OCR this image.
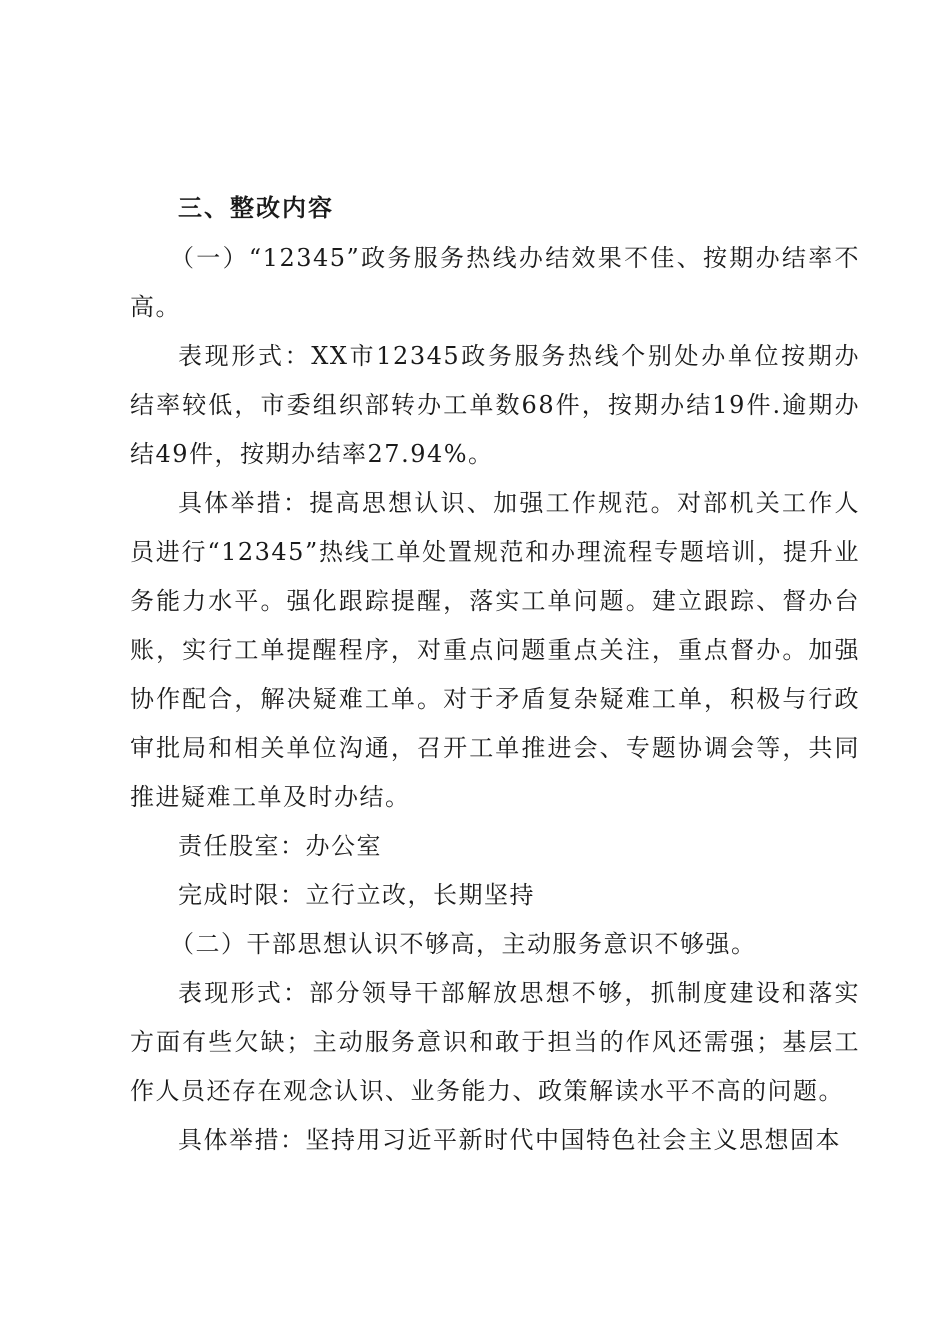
三、整改内容

（一）“12345”政务服务热线办结效果不佳、按期办结率不高。

表现形式：XX市12345政务服务热线个别处办单位按期办结率较低，市委组织部转办工单数68件，按期办结19件.逾期办结49件，按期办结率27.94%。

具体举措：提高思想认识、加强工作规范。对部机关工作人员进行“12345”热线工单处置规范和办理流程专题培训，提升业务能力水平。强化跟踪提醒，落实工单问题。建立跟踪、督办台账，实行工单提醒程序，对重点问题重点关注，重点督办。加强协作配合，解决疑难工单。对于矛盾复杂疑难工单，积极与行政审批局和相关单位沟通，召开工单推进会、专题协调会等，共同推进疑难工单及时办结。

责任股室：办公室

完成时限：立行立改，长期坚持

（二）干部思想认识不够高，主动服务意识不够强。

表现形式：部分领导干部解放思想不够，抓制度建设和落实方面有些欠缺；主动服务意识和敢于担当的作风还需强；基层工作人员还存在观念认识、业务能力、政策解读水平不高的问题。

具体举措：坚持用习近平新时代中国特色社会主义思想固本
